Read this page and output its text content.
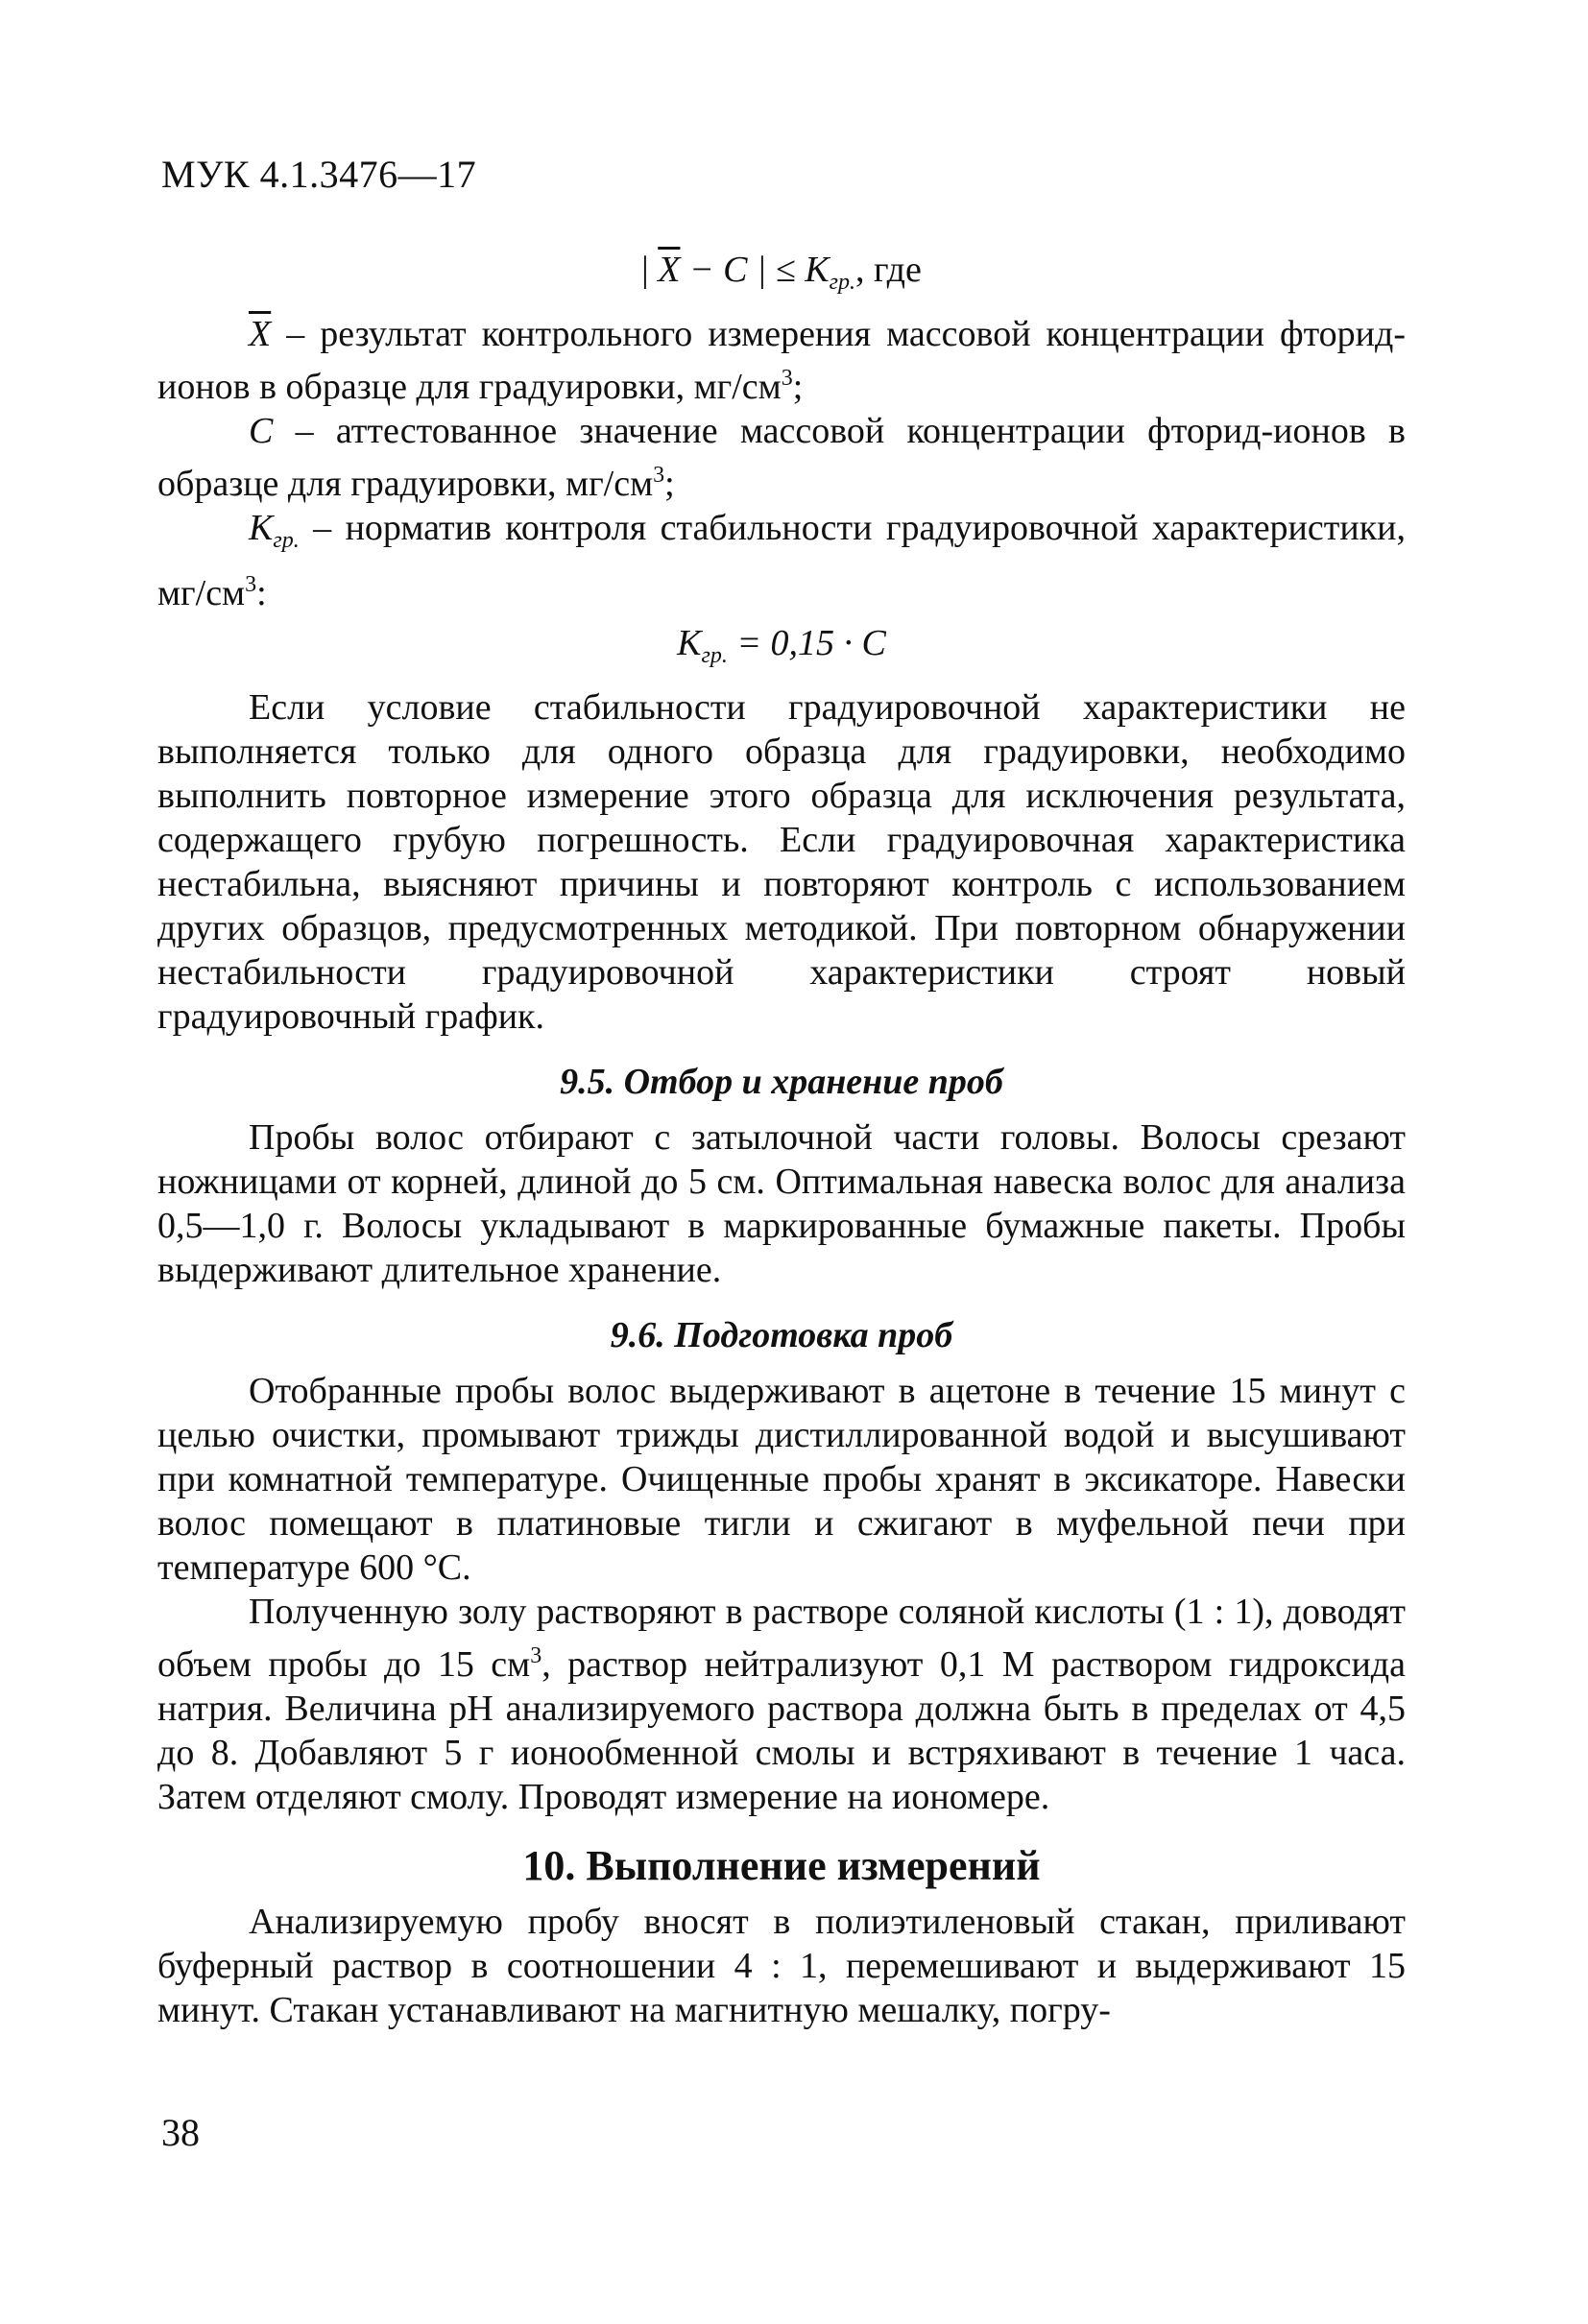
МУК 4.1.3476—17

| $\overline{X} - C$ | ≤ $K_{гр.}$, где

$\overline{X}$ – результат контрольного измерения массовой концентрации фторид-ионов в образце для градуировки, $мг/см^3$;

C – аттестованное значение массовой концентрации фторид-ионов в образце для градуировки, $мг/см^3$;

$K_{гр.}$ – норматив контроля стабильности градуировочной характеристики, $мг/см^3$:

$K_{гр.} = 0,15 \cdot C$

Если условие стабильности градуировочной характеристики не выполняется только для одного образца для градуировки, необходимо выполнить повторное измерение этого образца для исключения результата, содержащего грубую погрешность. Если градуировочная характеристика нестабильна, выясняют причины и повторяют контроль с использованием других образцов, предусмотренных методикой. При повторном обнаружении нестабильности градуировочной характеристики строят новый градуировочный график.

9.5. Отбор и хранение проб

Пробы волос отбирают с затылочной части головы. Волосы срезают ножницами от корней, длиной до 5 см. Оптимальная навеска волос для анализа 0,5—1,0 г. Волосы укладывают в маркированные бумажные пакеты. Пробы выдерживают длительное хранение.

9.6. Подготовка проб

Отобранные пробы волос выдерживают в ацетоне в течение 15 минут с целью очистки, промывают трижды дистиллированной водой и высушивают при комнатной температуре. Очищенные пробы хранят в эксикаторе. Навески волос помещают в платиновые тигли и сжигают в муфельной печи при температуре 600 °С.

Полученную золу растворяют в растворе соляной кислоты (1 : 1), доводят объем пробы до 15 $см^3$, раствор нейтрализуют 0,1 М раствором гидроксида натрия. Величина pH анализируемого раствора должна быть в пределах от 4,5 до 8. Добавляют 5 г ионообменной смолы и встряхивают в течение 1 часа. Затем отделяют смолу. Проводят измерение на иономере.

10. Выполнение измерений

Анализируемую пробу вносят в полиэтиленовый стакан, приливают буферный раствор в соотношении 4 : 1, перемешивают и выдерживают 15 минут. Стакан устанавливают на магнитную мешалку, погру-

38
